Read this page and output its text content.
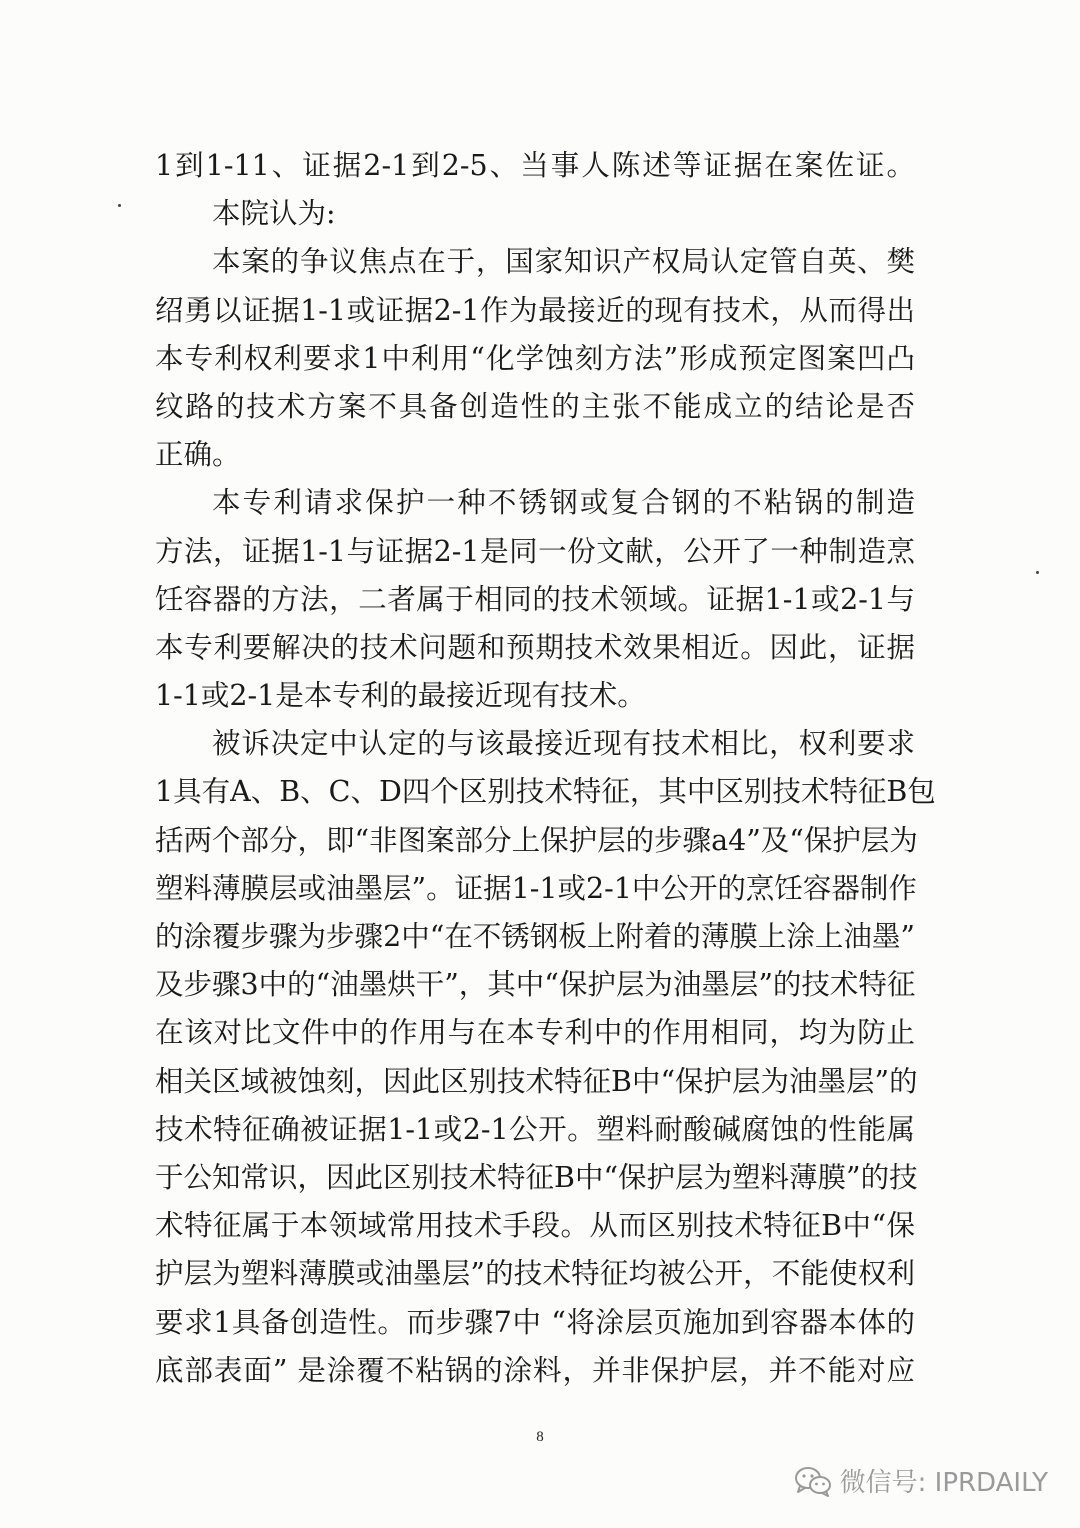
1到1-11、证据2-1到2-5、当事人陈述等证据在案佐证。
本院认为:
本案的争议焦点在于，国家知识产权局认定管自英、樊
绍勇以证据1-1或证据2-1作为最接近的现有技术，从而得出
本专利权利要求1中利用“化学蚀刻方法”形成预定图案凹凸
纹路的技术方案不具备创造性的主张不能成立的结论是否
正确。
本专利请求保护一种不锈钢或复合钢的不粘锅的制造
方法，证据1-1与证据2-1是同一份文献，公开了一种制造烹
饪容器的方法，二者属于相同的技术领域。证据1-1或2-1与
本专利要解决的技术问题和预期技术效果相近。因此，证据
1-1或2-1是本专利的最接近现有技术。
被诉决定中认定的与该最接近现有技术相比，权利要求
1具有A、B、C、D四个区别技术特征，其中区别技术特征B包
括两个部分，即“非图案部分上保护层的步骤a4”及“保护层为
塑料薄膜层或油墨层”。证据1-1或2-1中公开的烹饪容器制作
的涂覆步骤为步骤2中“在不锈钢板上附着的薄膜上涂上油墨”
及步骤3中的“油墨烘干”，其中“保护层为油墨层”的技术特征
在该对比文件中的作用与在本专利中的作用相同，均为防止
相关区域被蚀刻，因此区别技术特征B中“保护层为油墨层”的
技术特征确被证据1-1或2-1公开。塑料耐酸碱腐蚀的性能属
于公知常识，因此区别技术特征B中“保护层为塑料薄膜”的技
术特征属于本领域常用技术手段。从而区别技术特征B中“保
护层为塑料薄膜或油墨层”的技术特征均被公开，不能使权利
要求1具备创造性。而步骤7中 “将涂层页施加到容器本体的
底部表面” 是涂覆不粘锅的涂料，并非保护层，并不能对应
8
微信号: IPRDAILY
